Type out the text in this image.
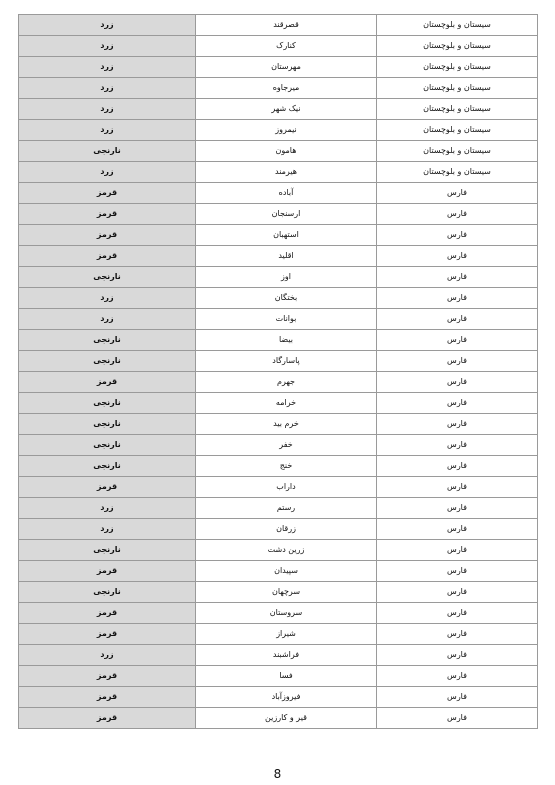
زرد	قصرقند	سیستان و بلوچستان
زرد	کنارک	سیستان و بلوچستان
زرد	مهرستان	سیستان و بلوچستان
زرد	میرجاوه	سیستان و بلوچستان
زرد	نیک شهر	سیستان و بلوچستان
زرد	نیمروز	سیستان و بلوچستان
نارنجی	هامون	سیستان و بلوچستان
زرد	هیرمند	سیستان و بلوچستان
قرمز	آباده	فارس
قرمز	ارسنجان	فارس
قرمز	استهبان	فارس
قرمز	اقلید	فارس
نارنجی	اوز	فارس
زرد	بختگان	فارس
زرد	بوانات	فارس
نارنجی	بیضا	فارس
نارنجی	پاسارگاد	فارس
قرمز	جهرم	فارس
نارنجی	خرامه	فارس
نارنجی	خرم بید	فارس
نارنجی	خفر	فارس
نارنجی	خنج	فارس
قرمز	داراب	فارس
زرد	رستم	فارس
زرد	زرقان	فارس
نارنجی	زرین دشت	فارس
قرمز	سپیدان	فارس
نارنجی	سرچهان	فارس
قرمز	سروستان	فارس
قرمز	شیراز	فارس
زرد	فراشبند	فارس
قرمز	فسا	فارس
قرمز	فیروزآباد	فارس
قرمز	قیر و کارزین	فارس
8
